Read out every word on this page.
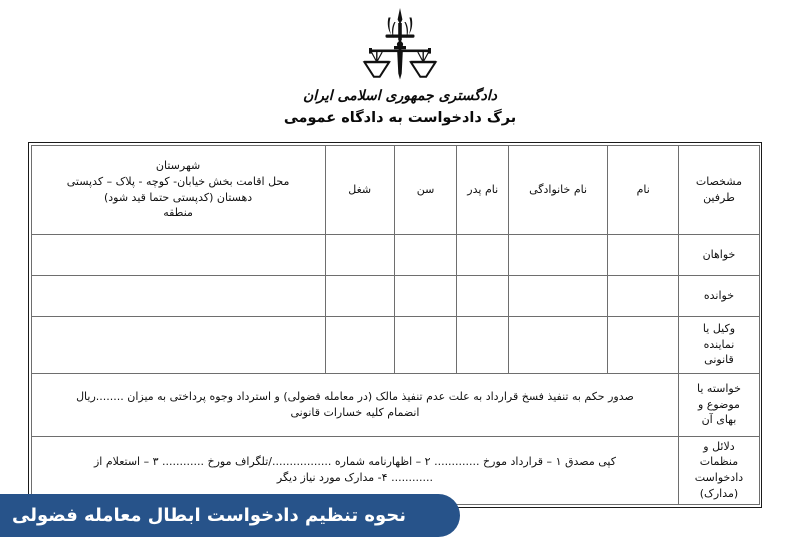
دادگستری جمهوری اسلامی ایران
برگ دادخواست به دادگاه عمومی
مشخصات طرفین	نام	نام خانوادگی	نام پدر	سن	شغل	شهرستان
محل اقامت بخش خیابان- کوچه - پلاک – کدپستی
دهستان (کدپستی حتما قید شود)
منطقه

خواهان						
خوانده						

وکیل یا
نماینده
قانونی						

خواسته یا
موضوع و
بهای آن	صدور حکم به تنفیذ فسخ قرارداد به علت عدم تنفیذ مالک (در معامله فضولی) و استرداد وجوه پرداختی به میزان ........ریال
انضمام کلیه خسارات قانونی					

دلائل و
منظمات
دادخواست
(مدارک)	کپی مصدق ۱ – قرارداد مورخ ............. ۲ – اظهارنامه شماره ................./تلگراف مورخ ............ ۳ – استعلام از
............ ۴- مدارک مورد نیاز دیگر					
نحوه تنظیم دادخواست ابطال معامله فضولی
